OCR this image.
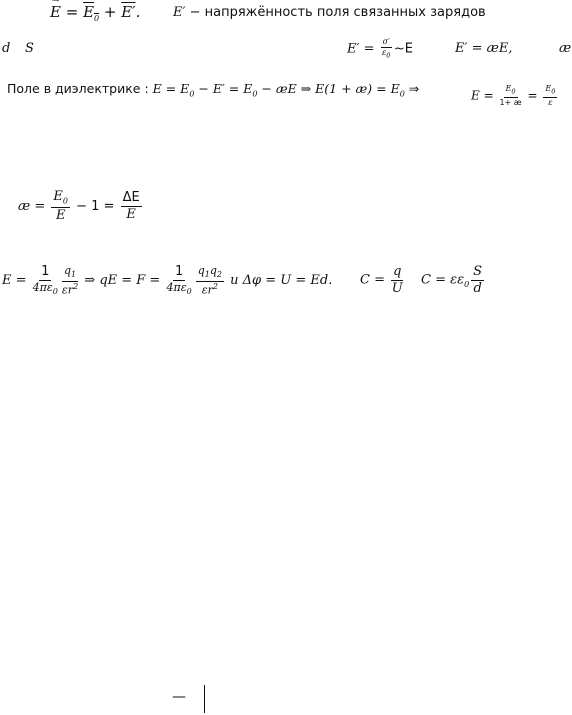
→ $E = E_0 + E'$.	E′ − напряжённость поля связанных зарядов
d S	$E' = \frac{\sigma'}{\varepsilon_0}$ ~E	E′ = æE,	æ
Поле в диэлектрике : $E = E_0 - E' = E_0$ − æE ⇒ E(1 + æ) = $E_0$ ⇒	$E = \frac{E_0}{1+ æ} = \frac{E_0}{\varepsilon}$
æ = $\frac{E_0}{E} - 1 = \frac{\Delta E}{E}$
$E = \frac{1}{4\pi\varepsilon_0} \frac{q_1}{\varepsilon r^2}$ ⇒ qE = $F = \frac{1}{4\pi\varepsilon_0} \frac{q_1q_2}{\varepsilon r^2}$ и Δφ = U = Ed. $C = \frac{q}{U}$ $C = \varepsilon\varepsilon_0 \frac{S}{d}$
—
